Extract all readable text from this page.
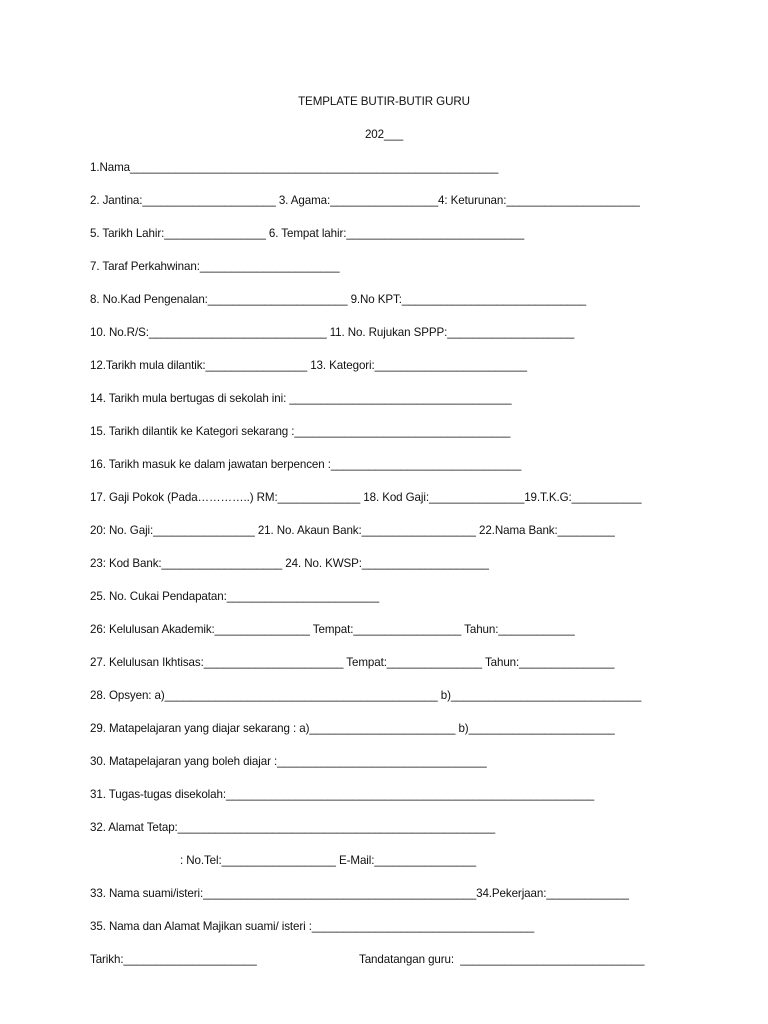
TEMPLATE BUTIR-BUTIR GURU
202___
1.Nama__________________________________________________________
2. Jantina:_____________________ 3. Agama:_________________4: Keturunan:_____________________
5. Tarikh Lahir:________________ 6. Tempat lahir:____________________________
7. Taraf Perkahwinan:______________________
8. No.Kad Pengenalan:______________________ 9.No KPT:_____________________________
10. No.R/S:____________________________ 11. No. Rujukan SPPP:____________________
12.Tarikh mula dilantik:________________ 13. Kategori:________________________
14. Tarikh mula bertugas di sekolah ini: ___________________________________
15. Tarikh dilantik ke Kategori sekarang :__________________________________
16. Tarikh masuk ke dalam jawatan berpencen :______________________________
17. Gaji Pokok (Pada…………..) RM:_____________ 18. Kod Gaji:_______________19.T.K.G:___________
20: No. Gaji:________________ 21. No. Akaun Bank:__________________ 22.Nama Bank:_________
23: Kod Bank:___________________ 24. No. KWSP:____________________
25. No. Cukai Pendapatan:________________________
26: Kelulusan Akademik:_______________ Tempat:_________________ Tahun:____________
27. Kelulusan Ikhtisas:______________________ Tempat:_______________ Tahun:_______________
28. Opsyen: a)___________________________________________ b)______________________________
29. Matapelajaran yang diajar sekarang : a)_______________________ b)_______________________
30. Matapelajaran yang boleh diajar :_________________________________
31. Tugas-tugas disekolah:__________________________________________________________
32. Alamat Tetap:__________________________________________________
: No.Tel:__________________ E-Mail:________________
33. Nama suami/isteri:___________________________________________34.Pekerjaan:_____________
35. Nama dan Alamat Majikan suami/ isteri :___________________________________
Tarikh:_____________________	Tandatangan guru:  _____________________________
